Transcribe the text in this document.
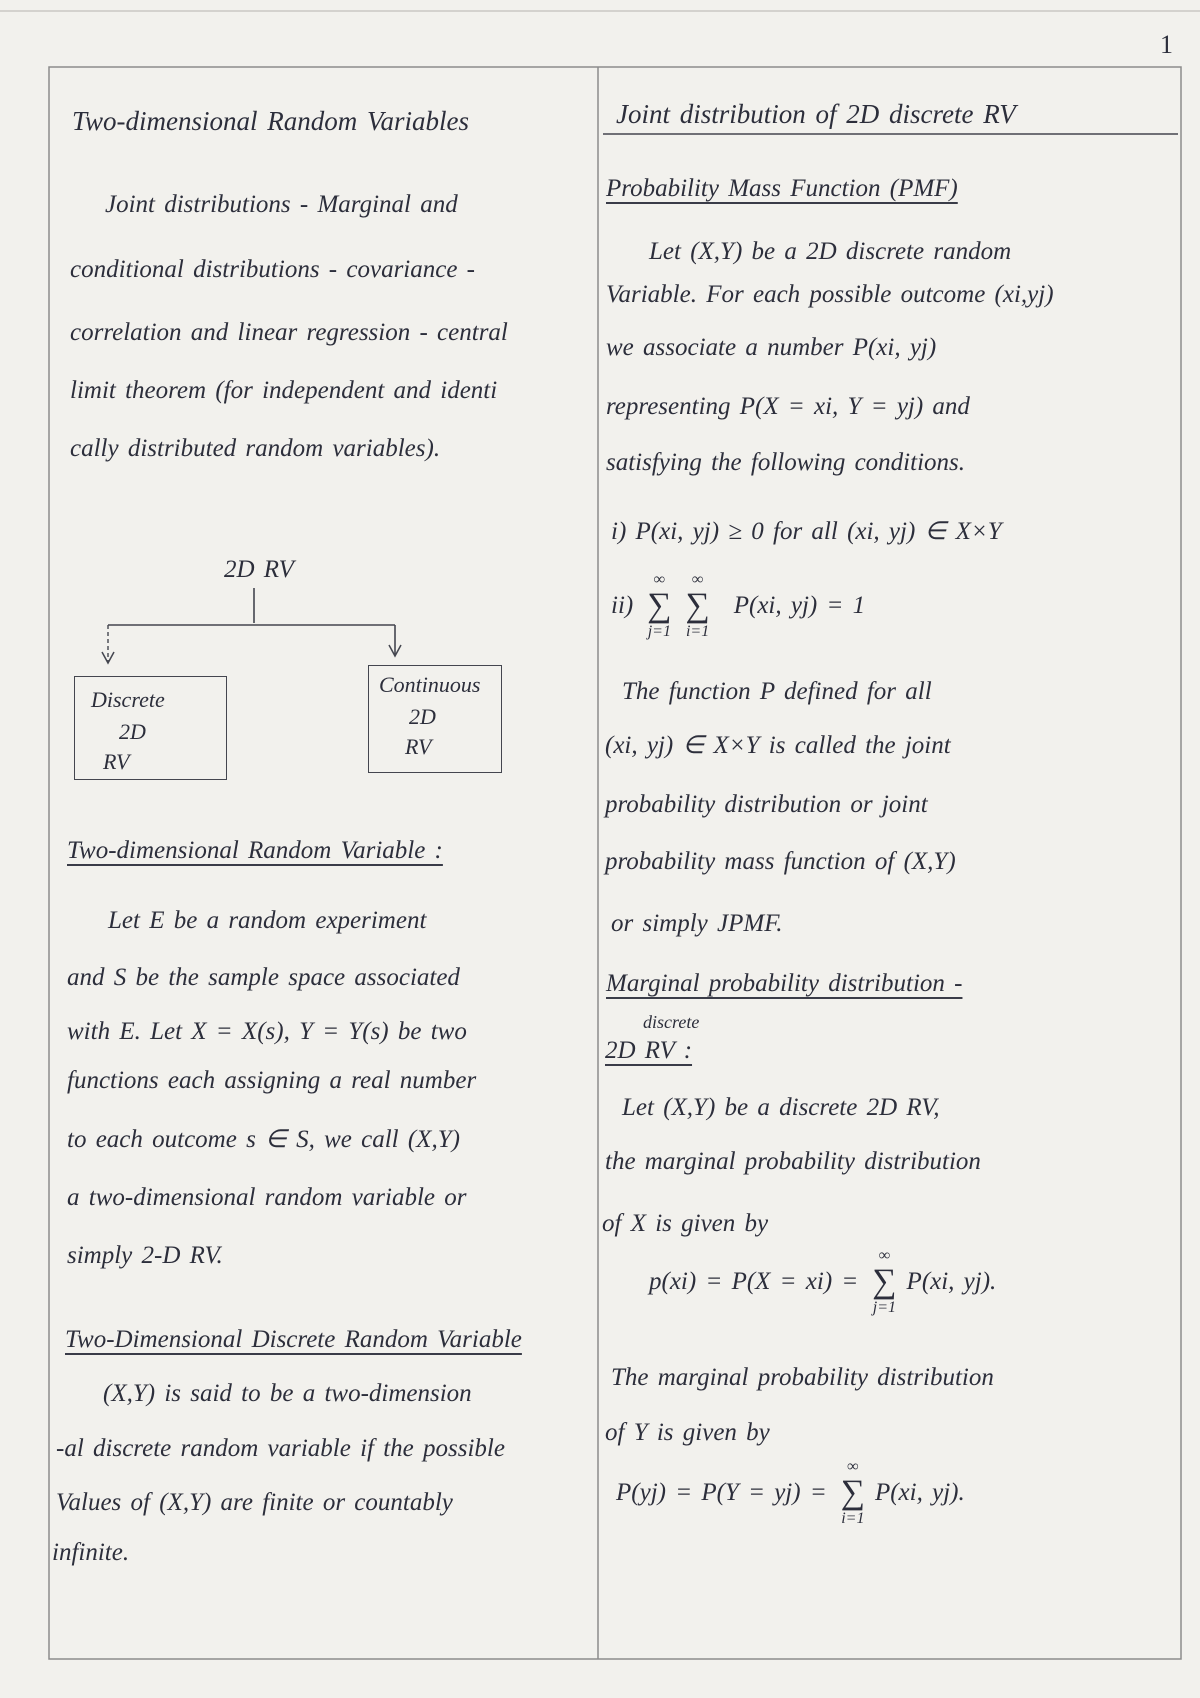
1
Two-dimensional Random Variables
Joint distributions - Marginal and
conditional distributions - covariance -
correlation and linear regression - central
limit theorem (for independent and identi
cally distributed random variables).
2D RV
Discrete
2D
RV
Continuous
2D
RV
Two-dimensional Random Variable :
Let E be a random experiment
and S be the sample space associated
with E. Let X = X(s), Y = Y(s) be two
functions each assigning a real number
to each outcome s ∈ S, we call (X,Y)
a two-dimensional random variable or
simply 2-D RV.
Two-Dimensional Discrete Random Variable
(X,Y) is said to be a two-dimension
-al discrete random variable if the possible
Values of (X,Y) are finite or countably
infinite.
Joint distribution of 2D discrete RV
Probability Mass Function (PMF)
Let (X,Y) be a 2D discrete random
Variable. For each possible outcome (xi,yj)
we associate a number P(xi, yj)
representing P(X = xi, Y = yj) and
satisfying the following conditions.
i) P(xi, yj) ≥ 0 for all (xi, yj) ∈ X×Y
ii)
∞
∑
j=1
∞
∑
i=1
P(xi, yj) = 1
The function P defined for all
(xi, yj) ∈ X×Y is called the joint
probability distribution or joint
probability mass function of (X,Y)
or simply JPMF.
Marginal probability distribution -
discrete
2D RV :
Let (X,Y) be a discrete 2D RV,
the marginal probability distribution
of X is given by
p(xi) = P(X = xi) =
∞
∑
j=1
P(xi, yj).
The marginal probability distribution
of Y is given by
P(yj) = P(Y = yj) =
∞
∑
i=1
P(xi, yj).
